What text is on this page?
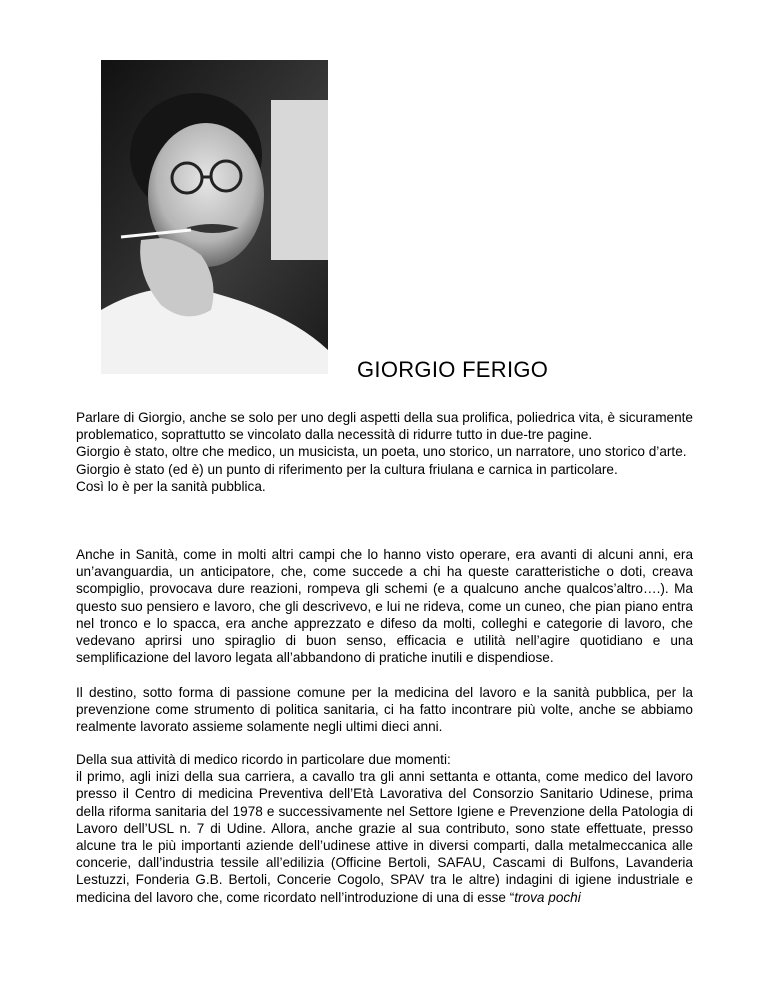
GIORGIO FERIGO

Parlare di Giorgio, anche se solo per uno degli aspetti della sua prolifica, poliedrica vita, è sicuramente problematico, soprattutto se vincolato dalla necessità di ridurre tutto in due-tre pagine.

Giorgio è stato, oltre che medico, un musicista, un poeta, uno storico, un narratore, uno storico d’arte.

Giorgio è stato (ed è) un punto di riferimento per la cultura friulana e carnica in particolare.

Così lo è per la sanità pubblica.

Anche in Sanità, come in molti altri campi che lo hanno visto operare, era avanti di alcuni anni, era un’avanguardia, un anticipatore, che, come succede a chi ha queste caratteristiche o doti, creava scompiglio, provocava dure reazioni, rompeva gli schemi (e a qualcuno anche qualcos’altro….). Ma questo suo pensiero e lavoro, che gli descrivevo, e lui ne rideva, come un cuneo, che pian piano entra nel tronco e lo spacca, era anche apprezzato e difeso da molti, colleghi e categorie di lavoro, che vedevano aprirsi uno spiraglio di buon senso, efficacia e utilità nell’agire quotidiano e una semplificazione del lavoro legata all’abbandono di pratiche inutili e dispendiose.

Il destino, sotto forma di passione comune per la medicina del lavoro e la sanità pubblica, per la prevenzione come strumento di politica sanitaria, ci ha fatto incontrare più volte, anche se abbiamo realmente lavorato assieme solamente negli ultimi dieci anni.

Della sua attività di medico ricordo in particolare due momenti:

il primo, agli inizi della sua carriera, a cavallo tra gli anni settanta e ottanta, come medico del lavoro presso il Centro di medicina Preventiva dell’Età Lavorativa del Consorzio Sanitario Udinese, prima della riforma sanitaria del 1978 e successivamente nel Settore Igiene e Prevenzione della Patologia di Lavoro dell’USL n. 7 di Udine. Allora, anche grazie al sua contributo, sono state effettuate, presso alcune tra le più importanti aziende dell’udinese attive in diversi comparti, dalla metalmeccanica alle concerie, dall’industria tessile all’edilizia (Officine Bertoli, SAFAU, Cascami di Bulfons, Lavanderia Lestuzzi, Fonderia G.B. Bertoli, Concerie Cogolo, SPAV tra le altre) indagini di igiene industriale e medicina del lavoro che, come ricordato nell’introduzione di una di esse “trova pochi
